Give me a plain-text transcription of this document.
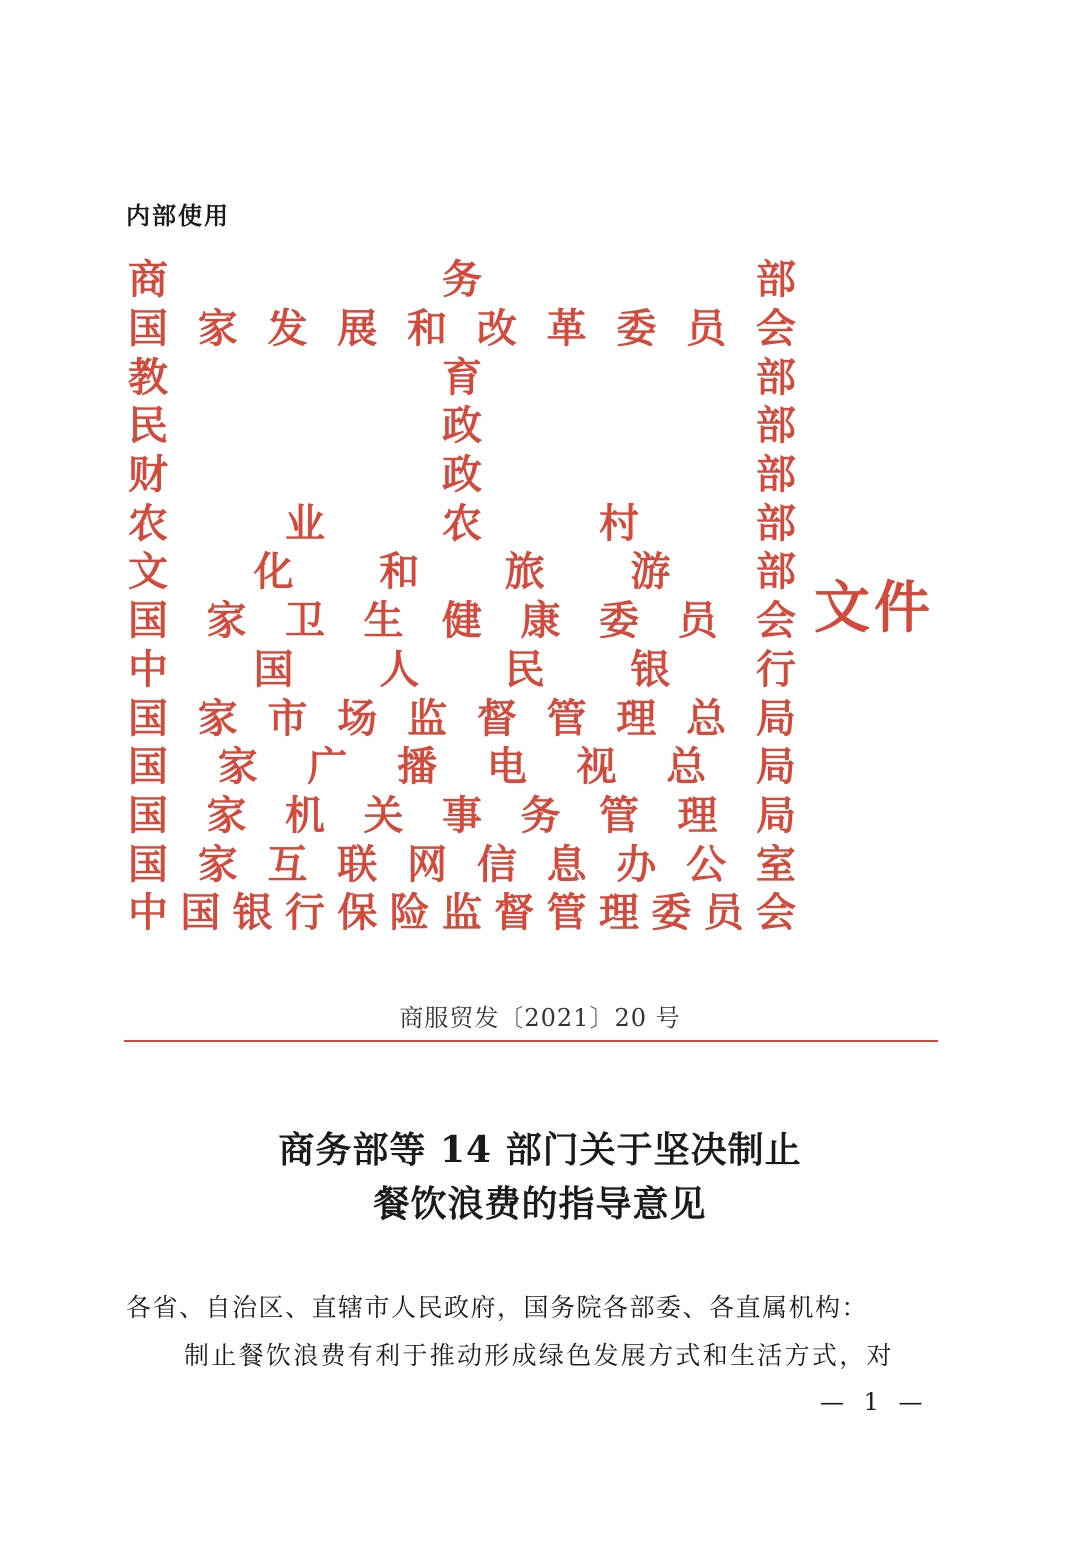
内部使用
商	务	部
国 家 发 展 和 改 革 委 员 会
教	育	部
民	政	部
财	政	部
农	业	农	村	部
文 化 和 旅 游 部
国 家 卫 生 健 康 委 员 会
中 国 人 民 银 行
国 家 市 场 监 督 管 理 总 局
国 家 广 播 电 视 总 局
国 家 机 关 事 务 管 理 局
国 家 互 联 网 信 息 办 公 室
中 国 银 行 保 险 监 督 管 理 委 员 会
文件
商服贸发〔2021〕20 号
商务部等 14 部门关于坚决制止
餐饮浪费的指导意见
各省、自治区、直辖市人民政府，国务院各部委、各直属机构：
制止餐饮浪费有利于推动形成绿色发展方式和生活方式，对
— 1 —
